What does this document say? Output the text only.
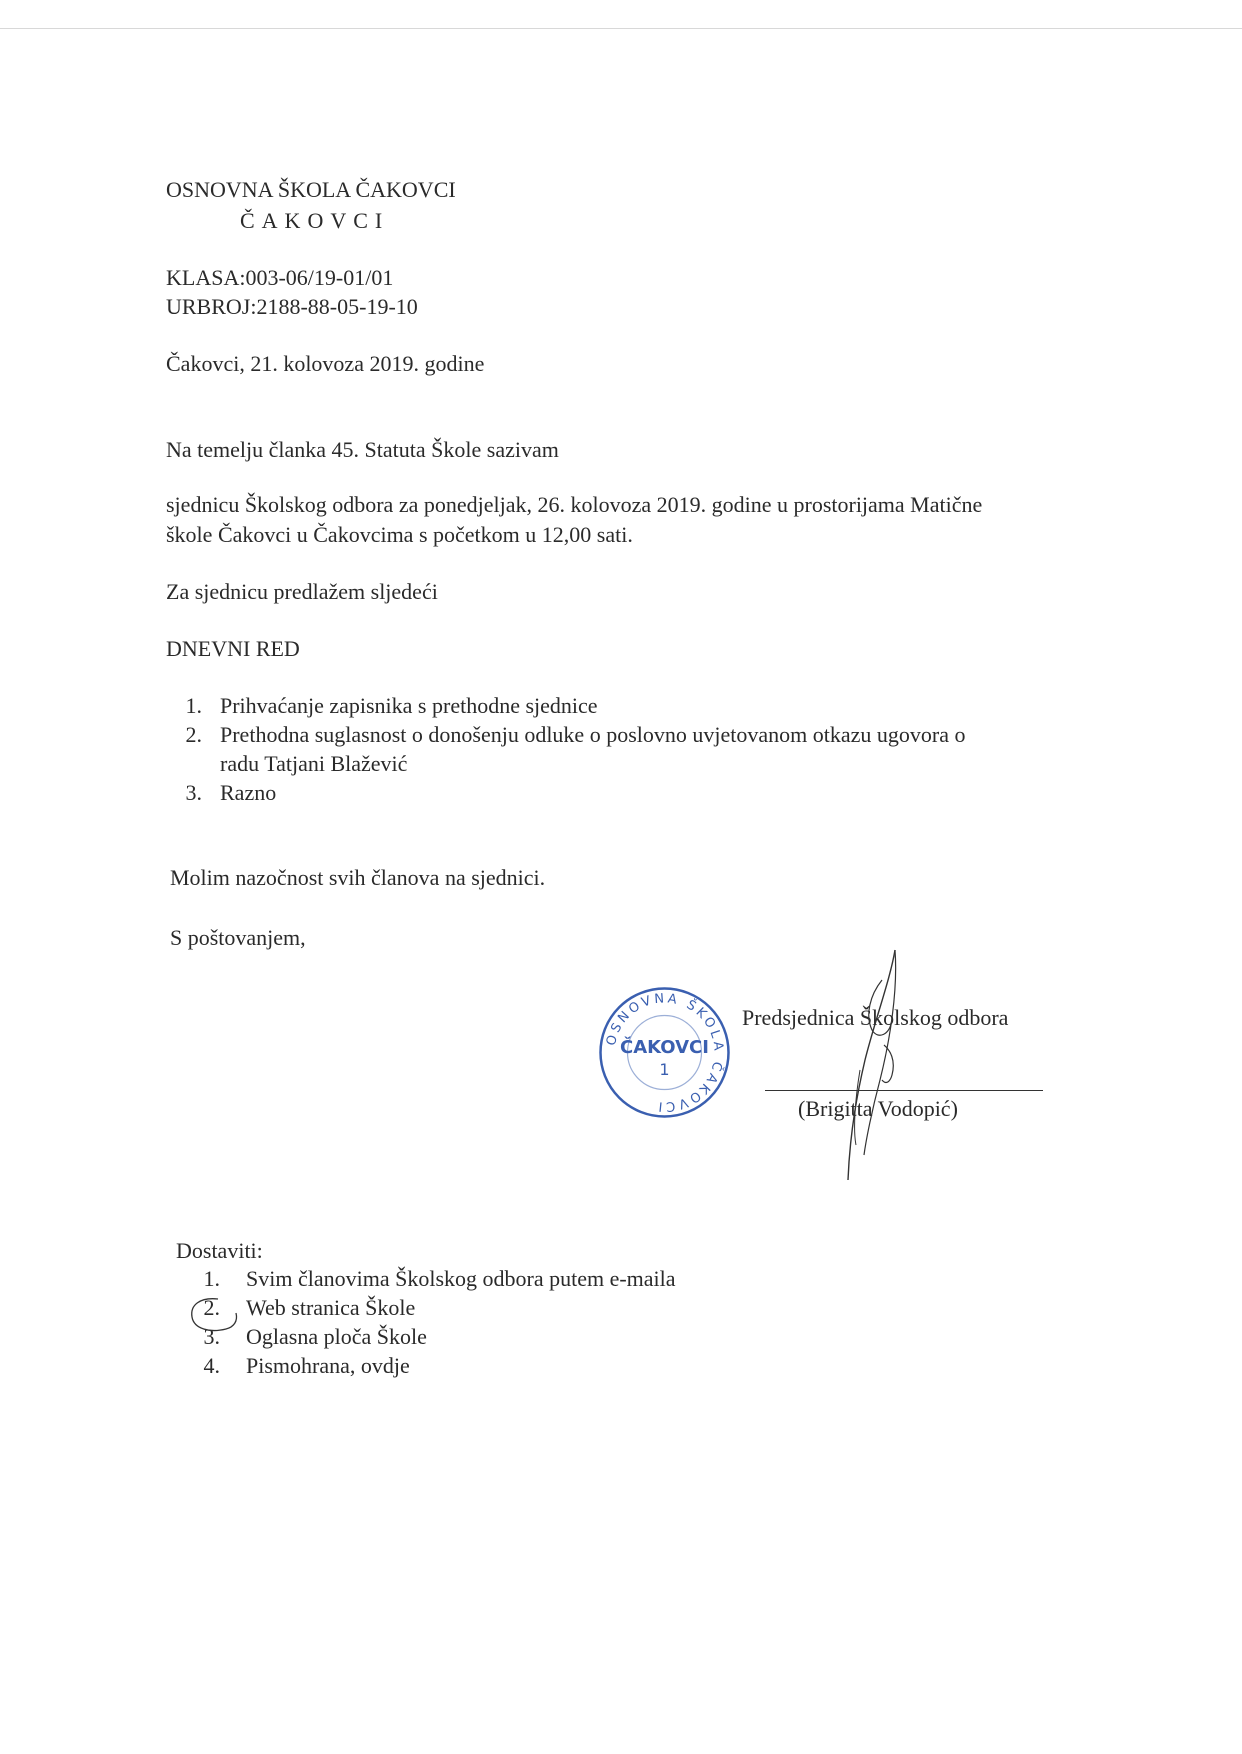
OSNOVNA ŠKOLA ČAKOVCI
ČAKOVCI
KLASA:003-06/19-01/01
URBROJ:2188-88-05-19-10
Čakovci, 21. kolovoza 2019. godine
Na temelju članka 45. Statuta Škole sazivam
sjednicu Školskog odbora za ponedjeljak, 26. kolovoza 2019. godine u prostorijama Matične
škole Čakovci u Čakovcima s početkom u 12,00 sati.
Za sjednicu predlažem sljedeći
DNEVNI RED
1. Prihvaćanje zapisnika s prethodne sjednice
2. Prethodna suglasnost o donošenju odluke o poslovno uvjetovanom otkazu ugovora o
radu Tatjani Blažević
3. Razno
Molim nazočnost svih članova na sjednici.
S poštovanjem,
OSNOVNA ŠKOLA ČAKOVCI
ČAKOVCI
1
Predsjednica Školskog odbora
(Brigitta Vodopić)
Dostaviti:
1. Svim članovima Školskog odbora putem e-maila
2. Web stranica Škole
3. Oglasna ploča Škole
4. Pismohrana, ovdje
